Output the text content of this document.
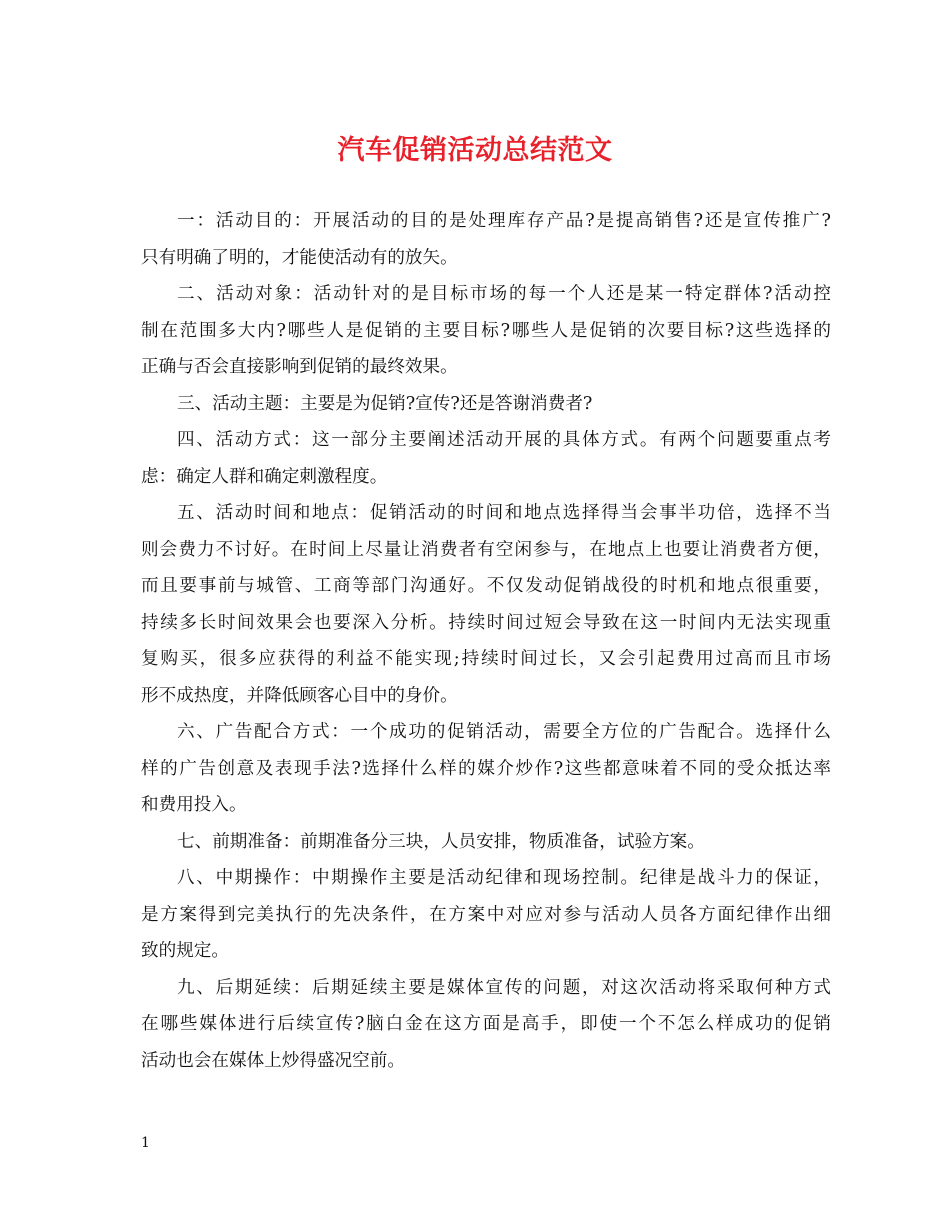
汽车促销活动总结范文
一：活动目的：开展活动的目的是处理库存产品?是提高销售?还是宣传推广?
只有明确了明的，才能使活动有的放矢。
二、活动对象：活动针对的是目标市场的每一个人还是某一特定群体?活动控
制在范围多大内?哪些人是促销的主要目标?哪些人是促销的次要目标?这些选择的
正确与否会直接影响到促销的最终效果。
三、活动主题：主要是为促销?宣传?还是答谢消费者?
四、活动方式：这一部分主要阐述活动开展的具体方式。有两个问题要重点考
虑：确定人群和确定刺激程度。
五、活动时间和地点：促销活动的时间和地点选择得当会事半功倍，选择不当
则会费力不讨好。在时间上尽量让消费者有空闲参与，在地点上也要让消费者方便，
而且要事前与城管、工商等部门沟通好。不仅发动促销战役的时机和地点很重要，
持续多长时间效果会也要深入分析。持续时间过短会导致在这一时间内无法实现重
复购买，很多应获得的利益不能实现;持续时间过长，又会引起费用过高而且市场
形不成热度，并降低顾客心目中的身价。
六、广告配合方式：一个成功的促销活动，需要全方位的广告配合。选择什么
样的广告创意及表现手法?选择什么样的媒介炒作?这些都意味着不同的受众抵达率
和费用投入。
七、前期准备：前期准备分三块，人员安排，物质准备，试验方案。
八、中期操作：中期操作主要是活动纪律和现场控制。纪律是战斗力的保证，
是方案得到完美执行的先决条件，在方案中对应对参与活动人员各方面纪律作出细
致的规定。
九、后期延续：后期延续主要是媒体宣传的问题，对这次活动将采取何种方式
在哪些媒体进行后续宣传?脑白金在这方面是高手，即使一个不怎么样成功的促销
活动也会在媒体上炒得盛况空前。
1
